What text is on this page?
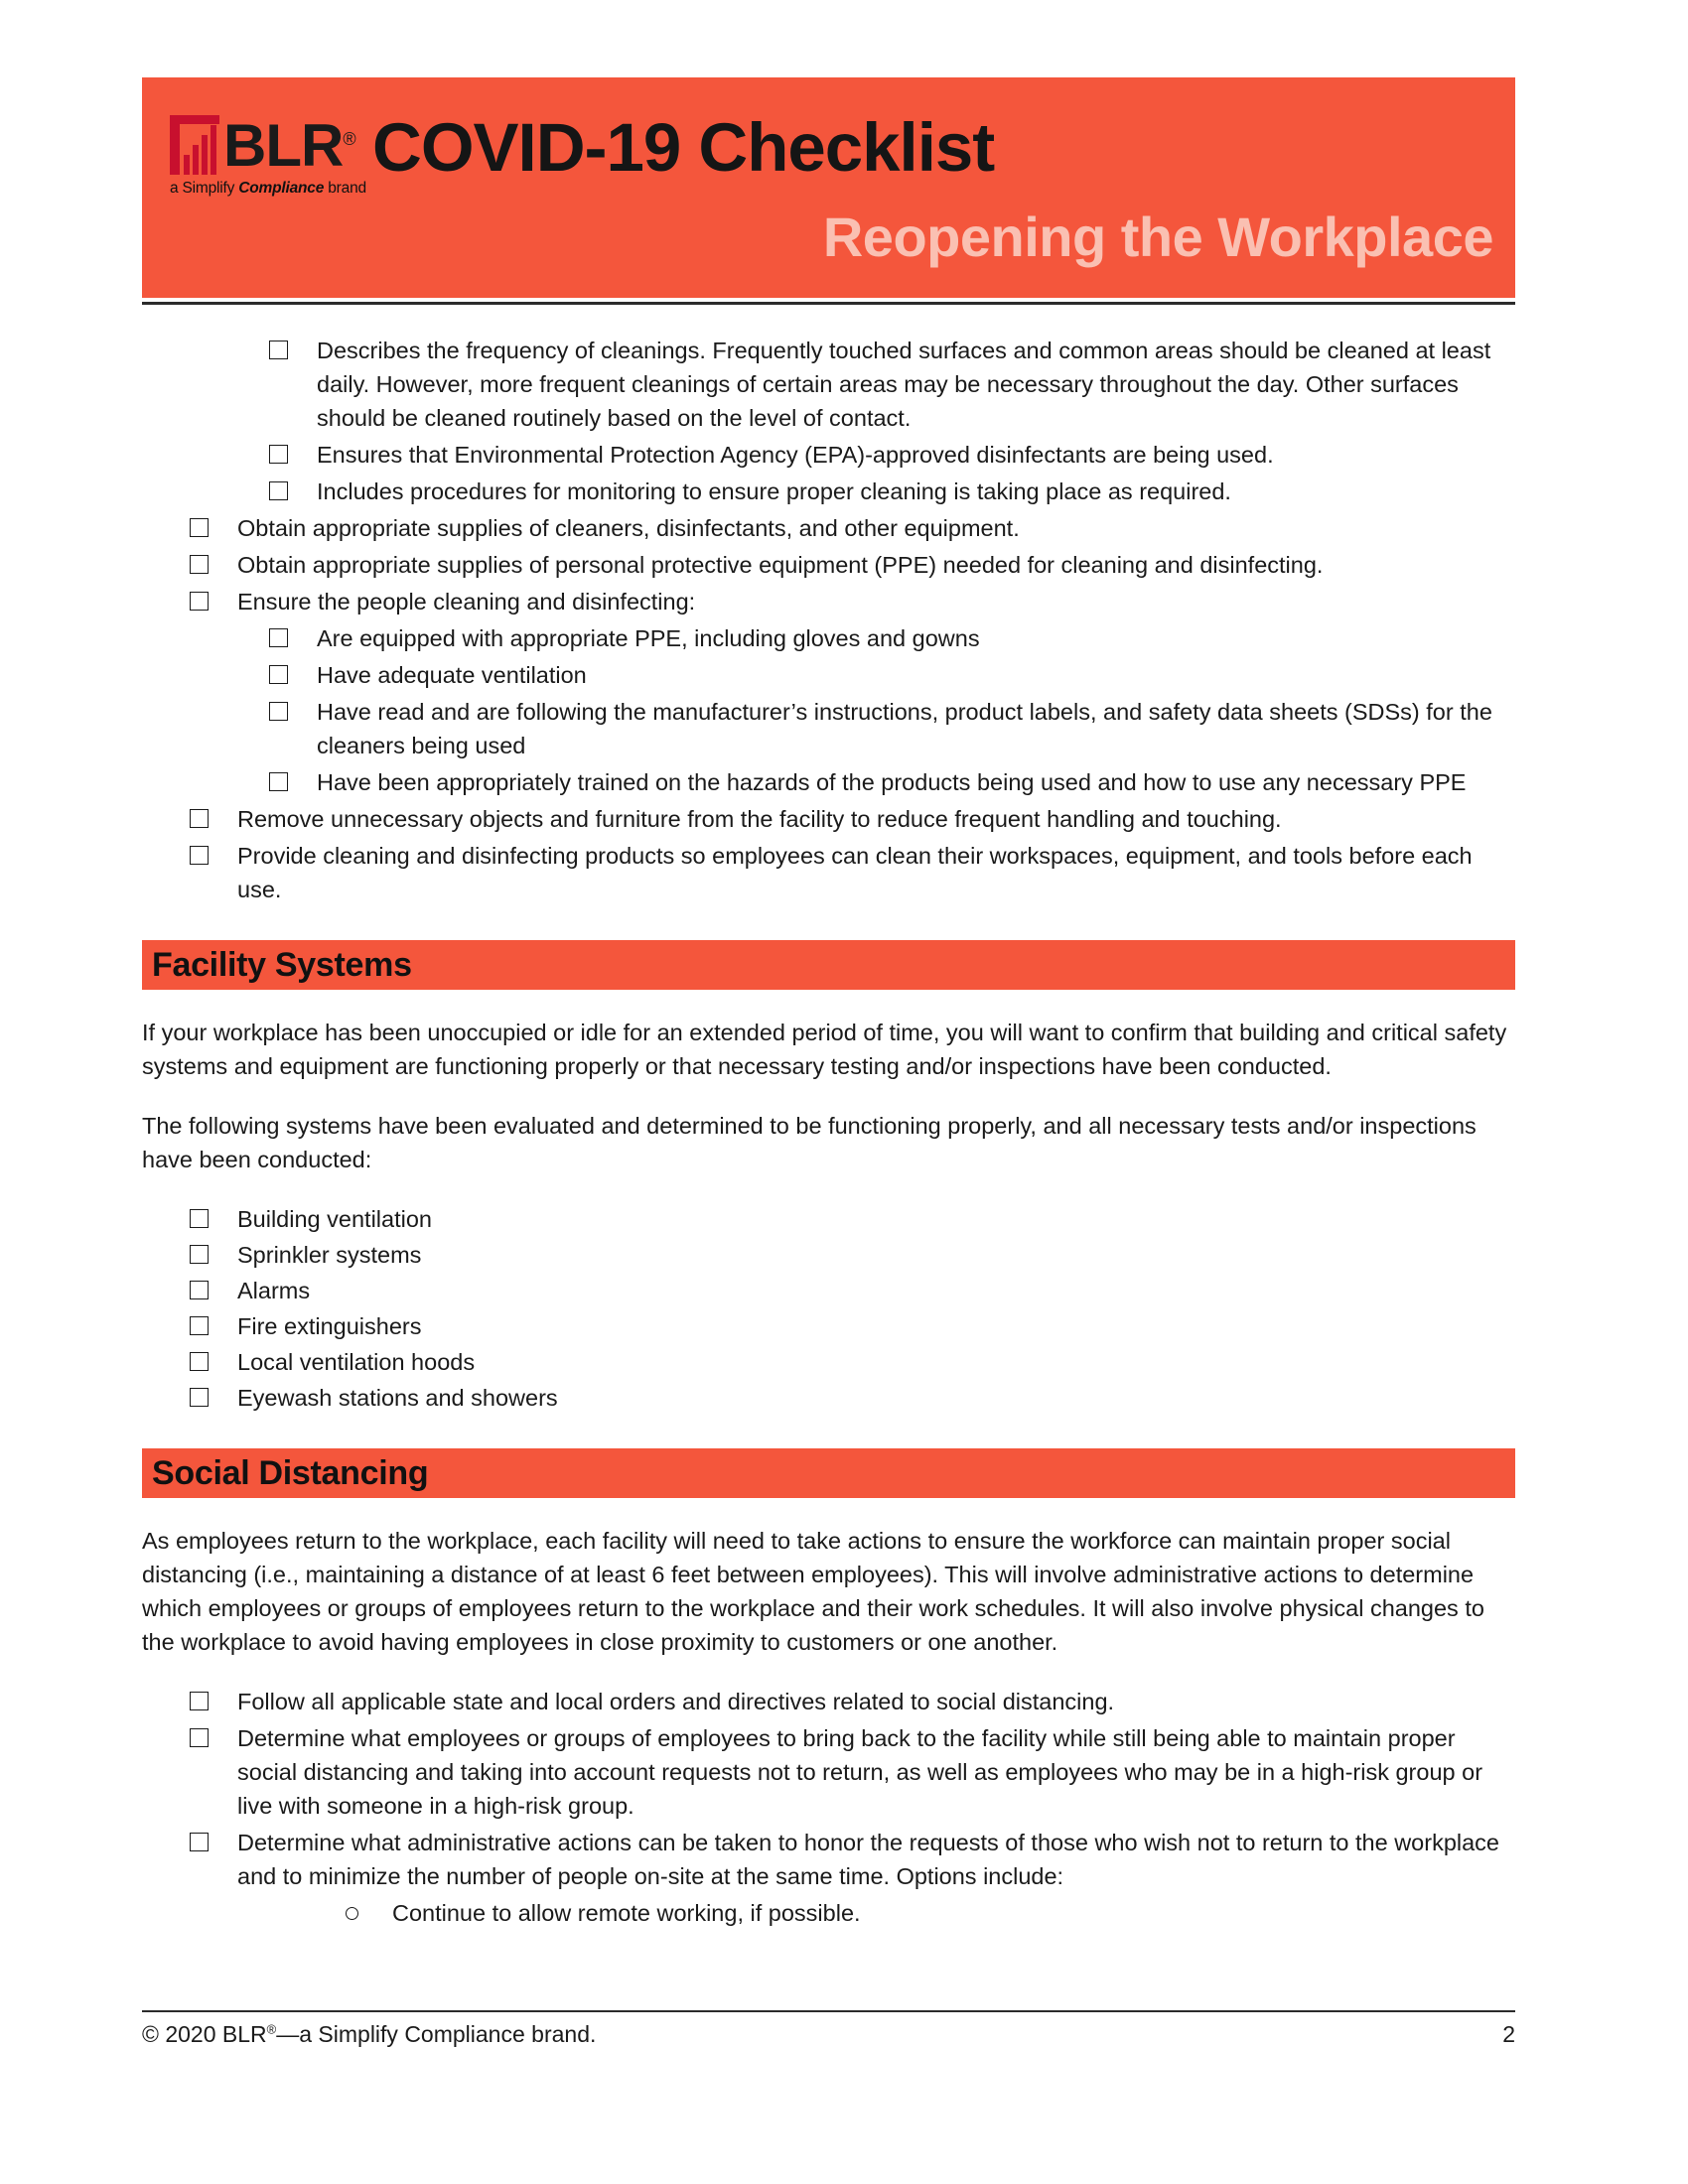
BLR®
a Simplify Compliance brand
COVID-19 Checklist
Reopening the Workplace
Describes the frequency of cleanings. Frequently touched surfaces and common areas should be cleaned at least daily. However, more frequent cleanings of certain areas may be necessary throughout the day. Other surfaces should be cleaned routinely based on the level of contact.
Ensures that Environmental Protection Agency (EPA)-approved disinfectants are being used.
Includes procedures for monitoring to ensure proper cleaning is taking place as required.
Obtain appropriate supplies of cleaners, disinfectants, and other equipment.
Obtain appropriate supplies of personal protective equipment (PPE) needed for cleaning and disinfecting.
Ensure the people cleaning and disinfecting:
Are equipped with appropriate PPE, including gloves and gowns
Have adequate ventilation
Have read and are following the manufacturer’s instructions, product labels, and safety data sheets (SDSs) for the cleaners being used
Have been appropriately trained on the hazards of the products being used and how to use any necessary PPE
Remove unnecessary objects and furniture from the facility to reduce frequent handling and touching.
Provide cleaning and disinfecting products so employees can clean their workspaces, equipment, and tools before each use.
Facility Systems

If your workplace has been unoccupied or idle for an extended period of time, you will want to confirm that building and critical safety systems and equipment are functioning properly or that necessary testing and/or inspections have been conducted.

The following systems have been evaluated and determined to be functioning properly, and all necessary tests and/or inspections have been conducted:

Building ventilation
Sprinkler systems
Alarms
Fire extinguishers
Local ventilation hoods
Eyewash stations and showers
Social Distancing

As employees return to the workplace, each facility will need to take actions to ensure the workforce can maintain proper social distancing (i.e., maintaining a distance of at least 6 feet between employees). This will involve administrative actions to determine which employees or groups of employees return to the workplace and their work schedules. It will also involve physical changes to the workplace to avoid having employees in close proximity to customers or one another.

Follow all applicable state and local orders and directives related to social distancing.
Determine what employees or groups of employees to bring back to the facility while still being able to maintain proper social distancing and taking into account requests not to return, as well as employees who may be in a high-risk group or live with someone in a high-risk group.
Determine what administrative actions can be taken to honor the requests of those who wish not to return to the workplace and to minimize the number of people on-site at the same time. Options include:
Continue to allow remote working, if possible.
© 2020 BLR®—a Simplify Compliance brand.	2
